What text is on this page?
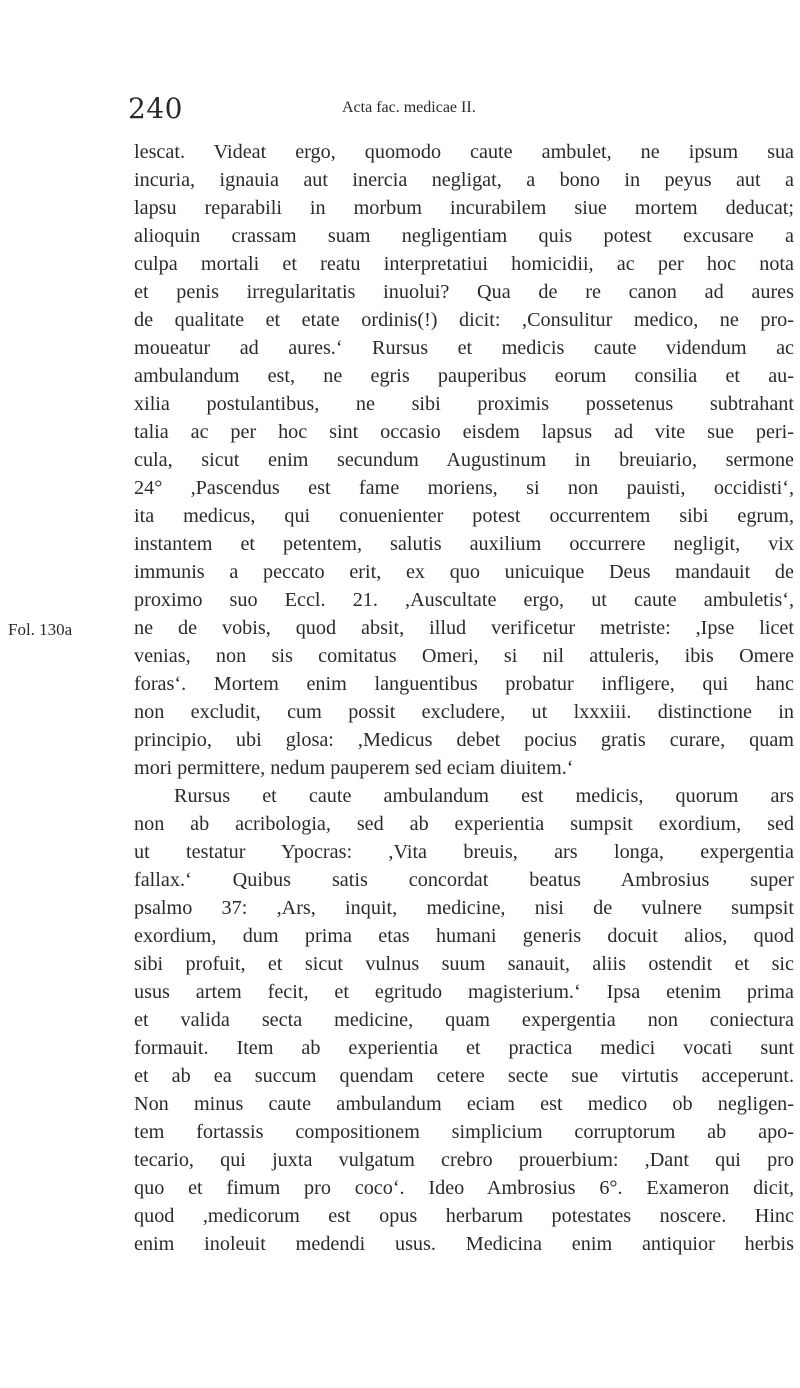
240	Acta fac. medicae II.
Fol. 130a
lescat. Videat ergo, quomodo caute ambulet, ne ipsum sua
incuria, ignauia aut inercia negligat, a bono in peyus aut a
lapsu reparabili in morbum incurabilem siue mortem deducat;
alioquin crassam suam negligentiam quis potest excusare a
culpa mortali et reatu interpretatiui homicidii, ac per hoc nota
et penis irregularitatis inuolui? Qua de re canon ad aures
de qualitate et etate ordinis(!) dicit: ,Consulitur medico, ne pro-
moueatur ad aures.‘ Rursus et medicis caute videndum ac
ambulandum est, ne egris pauperibus eorum consilia et au-
xilia postulantibus, ne sibi proximis possetenus subtrahant
talia ac per hoc sint occasio eisdem lapsus ad vite sue peri-
cula, sicut enim secundum Augustinum in breuiario, sermone
24° ,Pascendus est fame moriens, si non pauisti, occidisti‘,
ita medicus, qui conuenienter potest occurrentem sibi egrum,
instantem et petentem, salutis auxilium occurrere negligit, vix
immunis a peccato erit, ex quo unicuique Deus mandauit de
proximo suo Eccl. 21. ,Auscultate ergo, ut caute ambuletis‘,
ne de vobis, quod absit, illud verificetur metriste: ,Ipse licet
venias, non sis comitatus Omeri, si nil attuleris, ibis Omere
foras‘. Mortem enim languentibus probatur infligere, qui hanc
non excludit, cum possit excludere, ut lxxxiii. distinctione in
principio, ubi glosa: ,Medicus debet pocius gratis curare, quam
mori permittere, nedum pauperem sed eciam diuitem.‘
Rursus et caute ambulandum est medicis, quorum ars
non ab acribologia, sed ab experientia sumpsit exordium, sed
ut testatur Ypocras: ,Vita breuis, ars longa, expergentia
fallax.‘ Quibus satis concordat beatus Ambrosius super
psalmo 37: ,Ars, inquit, medicine, nisi de vulnere sumpsit
exordium, dum prima etas humani generis docuit alios, quod
sibi profuit, et sicut vulnus suum sanauit, aliis ostendit et sic
usus artem fecit, et egritudo magisterium.‘ Ipsa etenim prima
et valida secta medicine, quam expergentia non coniectura
formauit. Item ab experientia et practica medici vocati sunt
et ab ea succum quendam cetere secte sue virtutis acceperunt.
Non minus caute ambulandum eciam est medico ob negligen-
tem fortassis compositionem simplicium corruptorum ab apo-
tecario, qui juxta vulgatum crebro prouerbium: ,Dant qui pro
quo et fimum pro coco‘. Ideo Ambrosius 6°. Exameron dicit,
quod ,medicorum est opus herbarum potestates noscere. Hinc
enim inoleuit medendi usus. Medicina enim antiquior herbis
